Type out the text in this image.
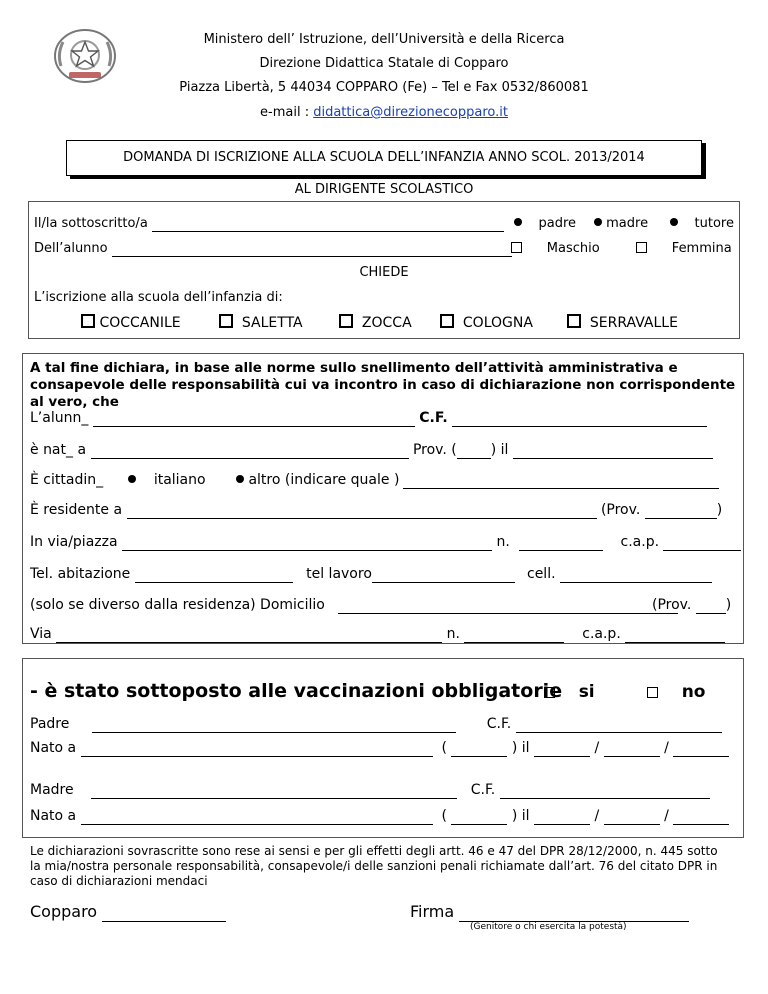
Ministero dell’ Istruzione, dell’Università e della Ricerca
Direzione Didattica Statale di Copparo
Piazza Libertà, 5 44034 COPPARO (Fe) – Tel e Fax 0532/860081
e-mail : didattica@direzionecopparo.it
DOMANDA DI ISCRIZIONE ALLA SCUOLA DELL’INFANZIA ANNO SCOL. 2013/2014
AL DIRIGENTE SCOLASTICO
Il/la sottoscritto/a	padre	madre	tutore
Dell’alunno	Maschio	Femmina
CHIEDE
L’iscrizione alla scuola dell’infanzia di:
COCCANILE	SALETTA	ZOCCA	COLOGNA	SERRAVALLE
A tal fine dichiara, in base alle norme sullo snellimento dell’attività amministrativa e consapevole delle responsabilità cui va incontro in caso di dichiarazione non corrispondente al vero, che
L’alunn_	C.F.
è nat_ a	Prov. ( ) il
È cittadin_	italiano	altro (indicare quale )

È residente a	(Prov.	)
In via/piazza	n.	c.a.p.
Tel. abitazione	tel lavoro	cell.
(solo se diverso dalla residenza) Domicilio	(Prov. )
Via	n.	c.a.p.
- è stato sottoposto alle vaccinazioni obbligatorie si	no
Padre	C.F.
Nato a	(	) il	/	/
Madre	C.F.
Nato a	(	) il	/	/
Le dichiarazioni sovrascritte sono rese ai sensi e per gli effetti degli artt. 46 e 47 del DPR 28/12/2000, n. 445 sotto la mia/nostra personale responsabilità, consapevole/i delle sanzioni penali richiamate dall’art. 76 del citato DPR in caso di dichiarazioni mendaci
Copparo	Firma
(Genitore o chi esercita la potestà)
